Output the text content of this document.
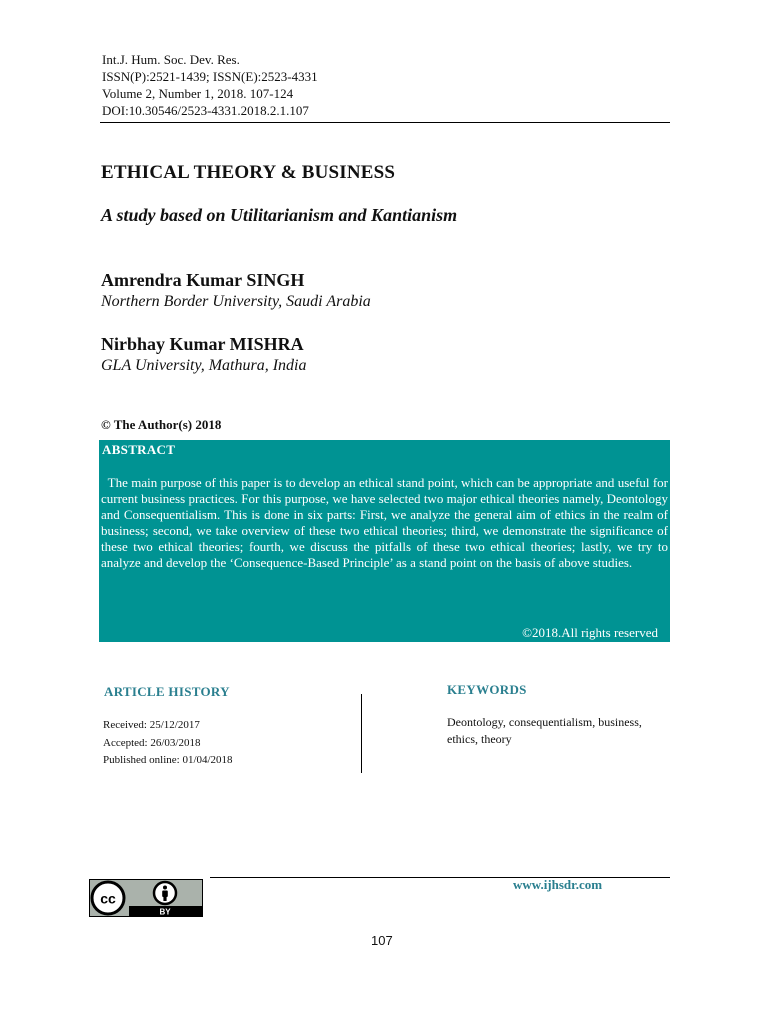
Int.J. Hum. Soc. Dev. Res.
ISSN(P):2521-1439; ISSN(E):2523-4331
Volume 2, Number 1, 2018. 107-124
DOI:10.30546/2523-4331.2018.2.1.107
ETHICAL THEORY & BUSINESS
A study based on Utilitarianism and Kantianism
Amrendra Kumar SINGH
Northern Border University, Saudi Arabia
Nirbhay Kumar MISHRA
GLA University, Mathura, India
© The Author(s) 2018
ABSTRACT
The main purpose of this paper is to develop an ethical stand point, which can be appropriate and useful for current business practices. For this purpose, we have selected two major ethical theories namely, Deontology and Consequentialism. This is done in six parts: First, we analyze the general aim of ethics in the realm of business; second, we take overview of these two ethical theories; third, we demonstrate the significance of these two ethical theories; fourth, we discuss the pitfalls of these two ethical theories; lastly, we try to analyze and develop the ‘Consequence-Based Principle’ as a stand point on the basis of above studies.
©2018.All rights reserved
ARTICLE HISTORY
Received: 25/12/2017
Accepted: 26/03/2018
Published online: 01/04/2018
KEYWORDS
Deontology, consequentialism, business, ethics, theory
cc
BY
www.ijhsdr.com
107
